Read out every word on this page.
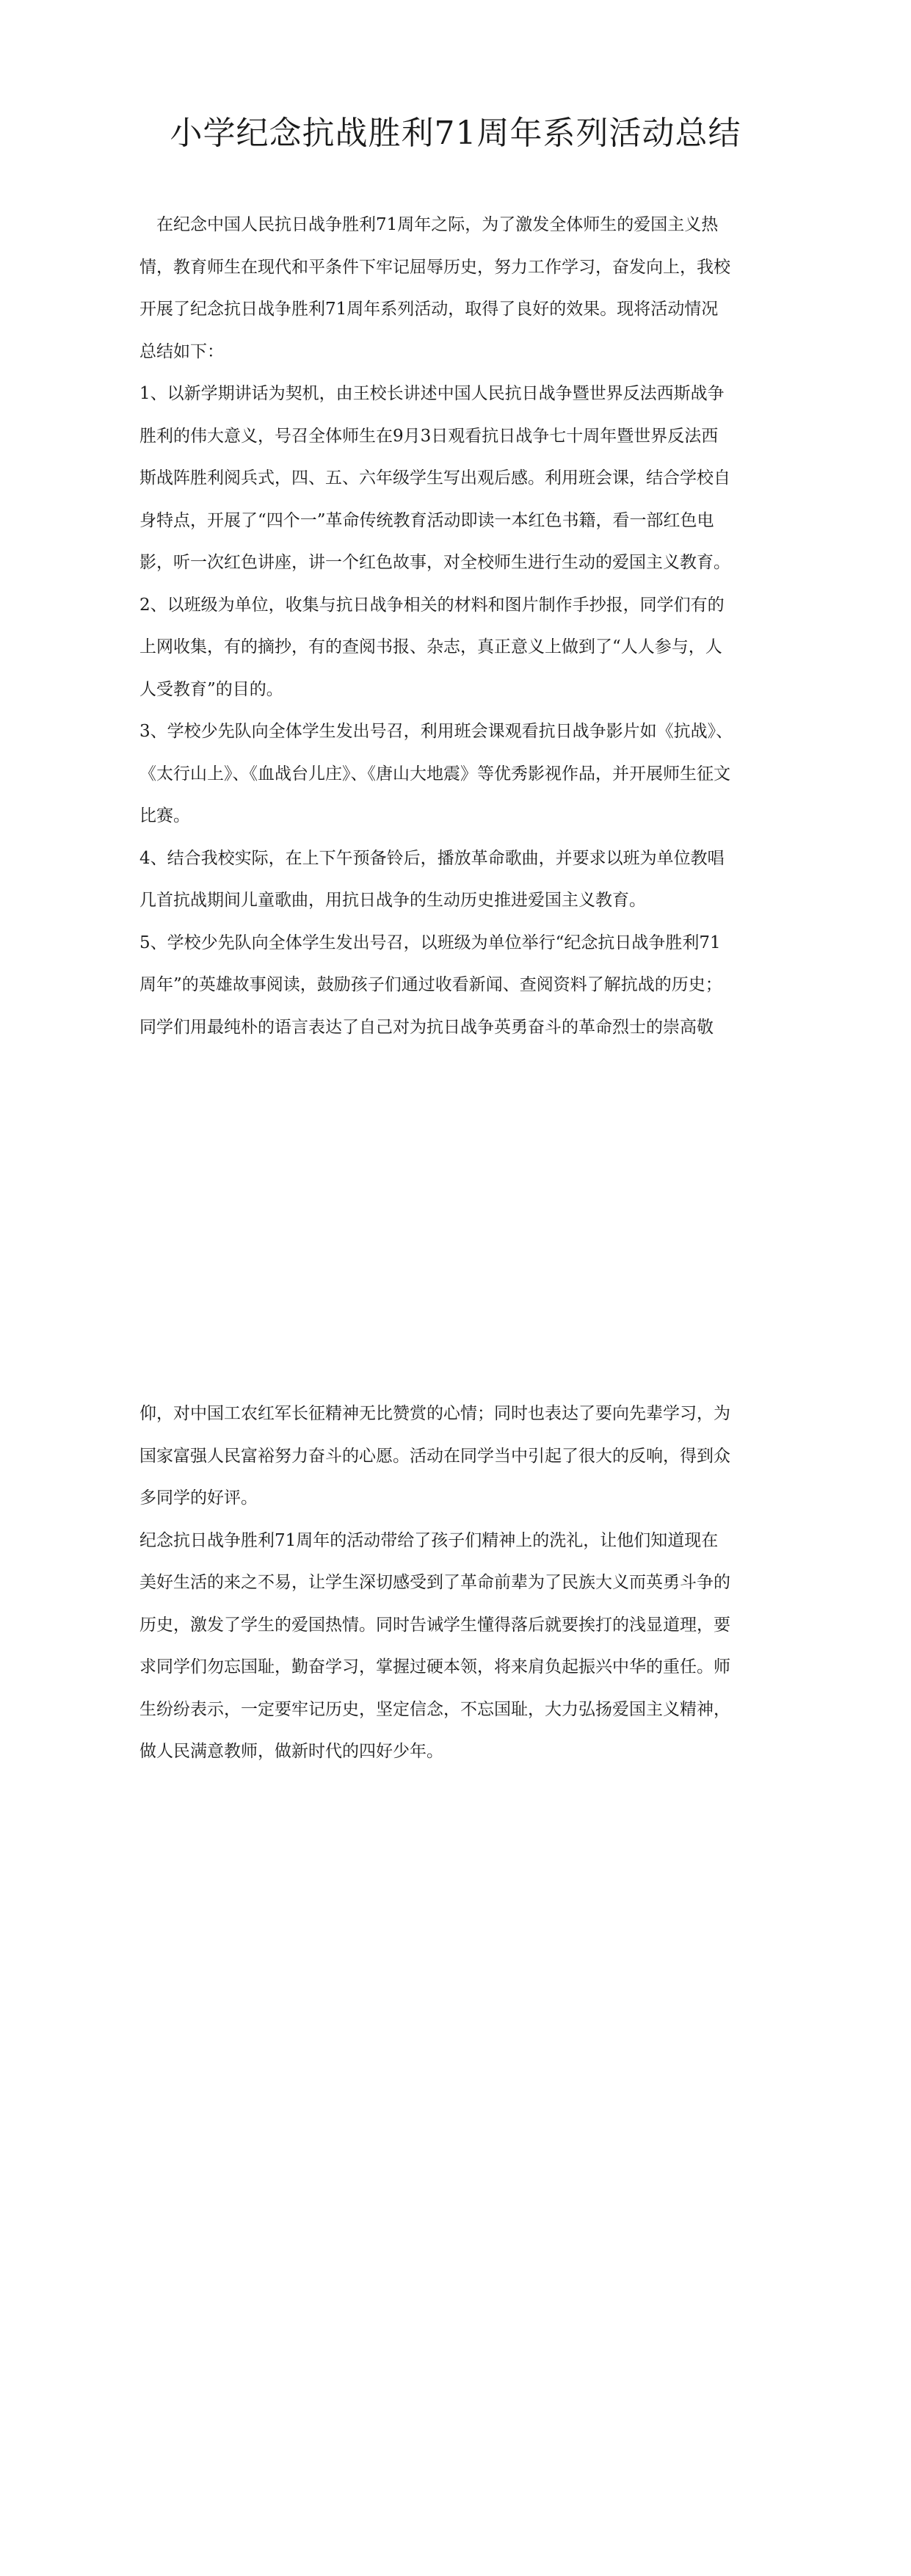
小学纪念抗战胜利71周年系列活动总结
　在纪念中国人民抗日战争胜利71周年之际，为了激发全体师生的爱国主义热
情，教育师生在现代和平条件下牢记屈辱历史，努力工作学习，奋发向上，我校
开展了纪念抗日战争胜利71周年系列活动，取得了良好的效果。现将活动情况
总结如下：
1、以新学期讲话为契机，由王校长讲述中国人民抗日战争暨世界反法西斯战争
胜利的伟大意义，号召全体师生在9月3日观看抗日战争七十周年暨世界反法西
斯战阵胜利阅兵式，四、五、六年级学生写出观后感。利用班会课，结合学校自
身特点，开展了“四个一”革命传统教育活动即读一本红色书籍，看一部红色电
影，听一次红色讲座，讲一个红色故事，对全校师生进行生动的爱国主义教育。
2、以班级为单位，收集与抗日战争相关的材料和图片制作手抄报，同学们有的
上网收集，有的摘抄，有的查阅书报、杂志，真正意义上做到了“人人参与，人
人受教育”的目的。
3、学校少先队向全体学生发出号召，利用班会课观看抗日战争影片如《抗战》、
《太行山上》、《血战台儿庄》、《唐山大地震》等优秀影视作品，并开展师生征文
比赛。
4、结合我校实际，在上下午预备铃后，播放革命歌曲，并要求以班为单位教唱
几首抗战期间儿童歌曲，用抗日战争的生动历史推进爱国主义教育。
5、学校少先队向全体学生发出号召，以班级为单位举行“纪念抗日战争胜利71
周年”的英雄故事阅读，鼓励孩子们通过收看新闻、查阅资料了解抗战的历史；
同学们用最纯朴的语言表达了自己对为抗日战争英勇奋斗的革命烈士的崇高敬
仰，对中国工农红军长征精神无比赞赏的心情；同时也表达了要向先辈学习，为
国家富强人民富裕努力奋斗的心愿。活动在同学当中引起了很大的反响，得到众
多同学的好评。
纪念抗日战争胜利71周年的活动带给了孩子们精神上的洗礼，让他们知道现在
美好生活的来之不易，让学生深切感受到了革命前辈为了民族大义而英勇斗争的
历史，激发了学生的爱国热情。同时告诫学生懂得落后就要挨打的浅显道理，要
求同学们勿忘国耻，勤奋学习，掌握过硬本领，将来肩负起振兴中华的重任。师
生纷纷表示，一定要牢记历史，坚定信念，不忘国耻，大力弘扬爱国主义精神，
做人民满意教师，做新时代的四好少年。
